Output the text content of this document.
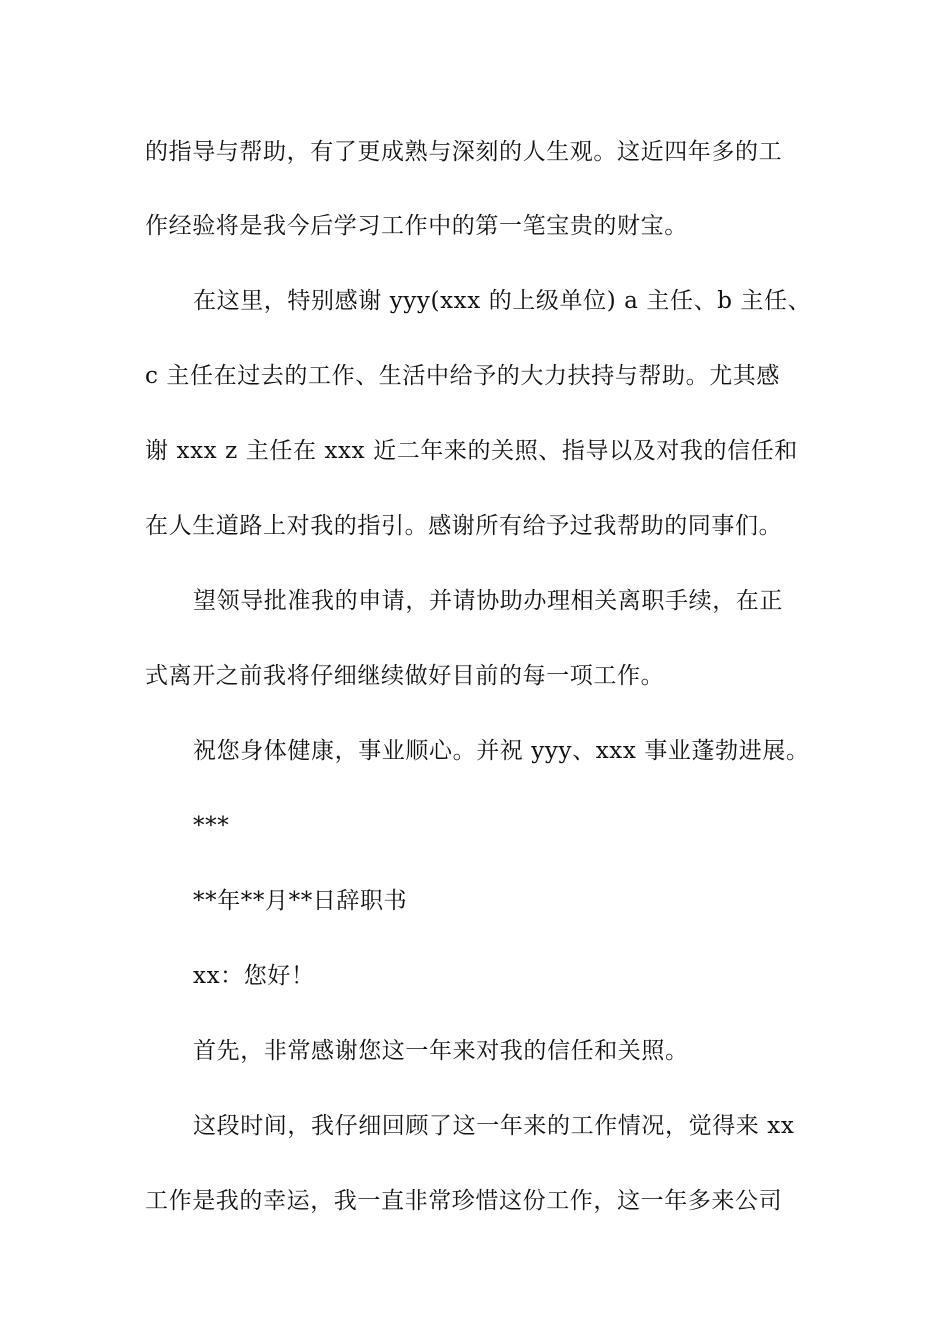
的指导与帮助，有了更成熟与深刻的人生观。这近四年多的工
作经验将是我今后学习工作中的第一笔宝贵的财宝。
在这里，特别感谢 yyy(xxx 的上级单位) a 主任、b 主任、
c 主任在过去的工作、生活中给予的大力扶持与帮助。尤其感
谢 xxx z 主任在 xxx 近二年来的关照、指导以及对我的信任和
在人生道路上对我的指引。感谢所有给予过我帮助的同事们。
望领导批准我的申请，并请协助办理相关离职手续，在正
式离开之前我将仔细继续做好目前的每一项工作。
祝您身体健康，事业顺心。并祝 yyy、xxx 事业蓬勃进展。
***
**年**月**日辞职书
xx：您好！
首先，非常感谢您这一年来对我的信任和关照。
这段时间，我仔细回顾了这一年来的工作情况，觉得来 xx
工作是我的幸运，我一直非常珍惜这份工作，这一年多来公司
